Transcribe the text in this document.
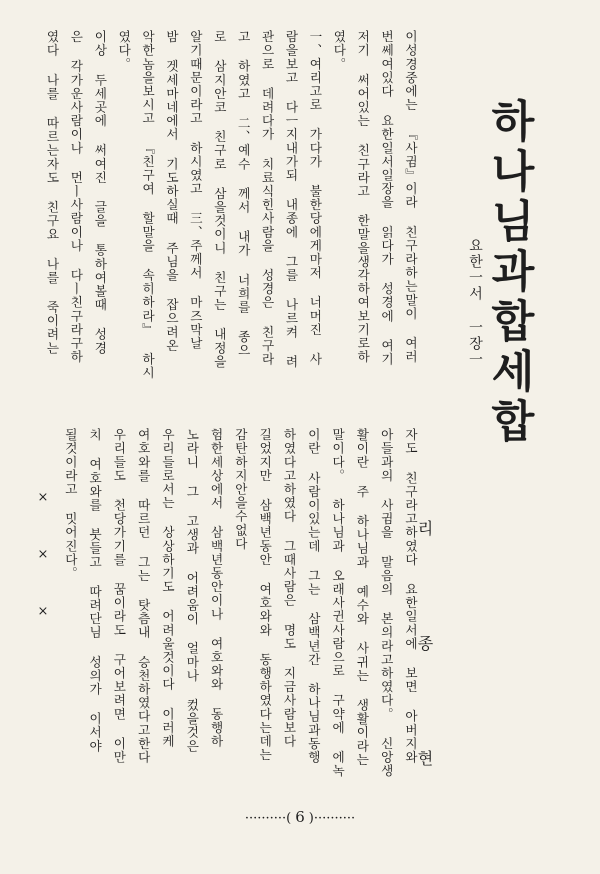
하나님과합세합
요한一서 一장一
리 종 현
이성경중에는 『사귐』이라 친구라하는말이 여러
번쎄여있다 요한일서일장을 읽다가 성경에 여기
저기 써어있는 친구라고 한말을생각하여보기로하
였다。
一、여리고로 가다가 불한당에게마저 너머진 사
람을보고 다ㅡ지내가되 내종에 그를 나르켜 려
관으로 데려다가 치료식힌사람을 성경은 친구라
고 하였고 二、예수 께서 내가 너희를 종으
로 삼지안코 친구로 삼을것이니 친구는 내정을
알기때문이라고 하시였고 三、주께서 마즈막날
밤 겟세마네에서 기도하실때 주님을 잡으려온
악한놈을보시고 『친구여 할말을 속히하라』 하시
였다。
이상 두세곳에 써여진 글을 통하여볼때 성경
은 각가운사람이나 먼ㅣ사람이나 다ㅣ친구라구하
였다 나를 따르는자도 친구요 나를 죽이려는
자도 친구라고하였다 요한일서에 보면 아버지와
아들과의 사귐을 말음의 본의라고하였다。 신앙생
활이란 주 하나님과 예수와 사귀는 생활이라는
말이다。 하나님과 오래사귄사람으로 구약에 에녹
이란 사람이있는데 그는 삼백년간 하나님과동행
하였다고하였다 그때사람은 명도 지금사람보다
길었지만 삼백년동안 여호와와 동행하였다는데는
감탄하지안을수없다
험한세상에서 삼백년동안이나 여호와와 동행하
노라니 그 고생과 어려움이 얼마나 컸을것은
우리들로서는 상상하기도 어려울것이다 이러케
여호와를 따르던 그는 탓츰내 승천하였다고한다
우리들도 천당가기를 꿈이라도 구어보려면 이만
치 여호와를 붓들고 따려단님 성의가 이서야
될것이라고 밋어진다。
×
×
×
··········( 6 )··········
